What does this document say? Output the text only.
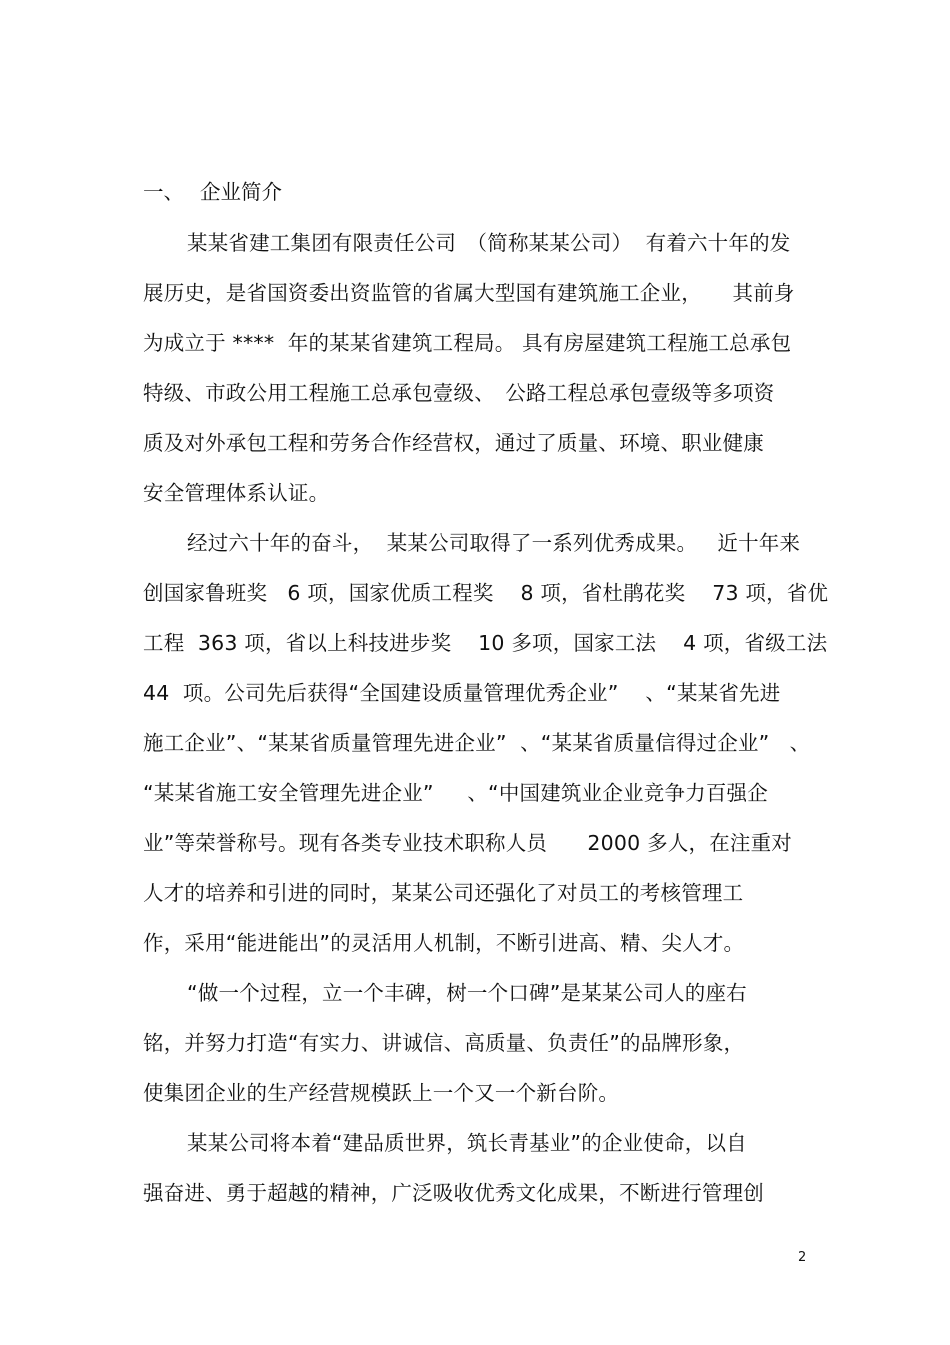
一、 企业简介
某某省建工集团有限责任公司　（简称某某公司）  有着六十年的发
展历史，是省国资委出资监管的省属大型国有建筑施工企业，　   其前身
为成立于 ****  年的某某省建筑工程局。 具有房屋建筑工程施工总承包
特级、市政公用工程施工总承包壹级、　公路工程总承包壹级等多项资
质及对外承包工程和劳务合作经营权，通过了质量、环境、职业健康
安全管理体系认证。
经过六十年的奋斗，  某某公司取得了一系列优秀成果。   近十年来
创国家鲁班奖   6 项，国家优质工程奖    8 项，省杜鹃花奖    73 项，省优
工程  363 项，省以上科技进步奖    10 多项，国家工法    4 项，省级工法
44  项。公司先后获得“全国建设质量管理优秀企业”    、“某某省先进
施工企业”、“某某省质量管理先进企业”  、“某某省质量信得过企业”   、
“某某省施工安全管理先进企业”     、“中国建筑业企业竞争力百强企
业”等荣誉称号。现有各类专业技术职称人员      2000 多人，在注重对
人才的培养和引进的同时，某某公司还强化了对员工的考核管理工
作，采用“能进能出”的灵活用人机制，不断引进高、精、尖人才。
“做一个过程，立一个丰碑，树一个口碑”是某某公司人的座右
铭，并努力打造“有实力、讲诚信、高质量、负责任”的品牌形象，
使集团企业的生产经营规模跃上一个又一个新台阶。
某某公司将本着“建品质世界，筑长青基业”的企业使命，以自
强奋进、勇于超越的精神，广泛吸收优秀文化成果，不断进行管理创
2
